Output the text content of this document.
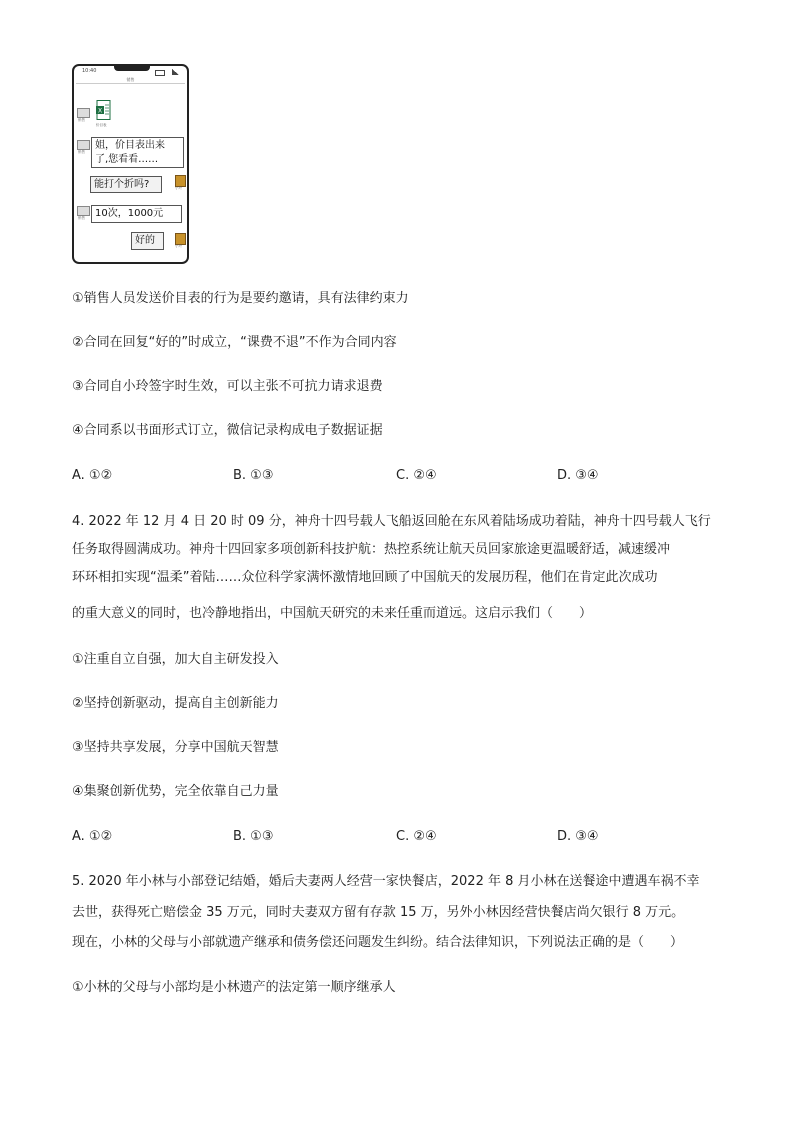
10:40
销售
销售
X
价目表
销售
姐，价目表出来
了,您看看……
能打个折吗?	小玲
销售	10次，1000元
好的	小玲
①销售人员发送价目表的行为是要约邀请，具有法律约束力
②合同在回复“好的”时成立，“课费不退”不作为合同内容
③合同自小玲签字时生效，可以主张不可抗力请求退费
④合同系以书面形式订立，微信记录构成电子数据证据
A. ①②	B. ①③	C. ②④	D. ③④
4. 2022 年 12 月 4 日 20 时 09 分，神舟十四号载人飞船返回舱在东风着陆场成功着陆，神舟十四号载人飞行
任务取得圆满成功。神舟十四回家多项创新科技护航：热控系统让航天员回家旅途更温暖舒适，减速缓冲
环环相扣实现“温柔”着陆……众位科学家满怀激情地回顾了中国航天的发展历程，他们在肯定此次成功
的重大意义的同时，也冷静地指出，中国航天研究的未来任重而道远。这启示我们（　　）
①注重自立自强，加大自主研发投入
②坚持创新驱动，提高自主创新能力
③坚持共享发展，分享中国航天智慧
④集聚创新优势，完全依靠自己力量
A. ①②	B. ①③	C. ②④	D. ③④
5. 2020 年小林与小部登记结婚，婚后夫妻两人经营一家快餐店，2022 年 8 月小林在送餐途中遭遇车祸不幸
去世，获得死亡赔偿金 35 万元，同时夫妻双方留有存款 15 万，另外小林因经营快餐店尚欠银行 8 万元。
现在，小林的父母与小部就遗产继承和债务偿还问题发生纠纷。结合法律知识，下列说法正确的是（　　）
①小林的父母与小部均是小林遗产的法定第一顺序继承人
